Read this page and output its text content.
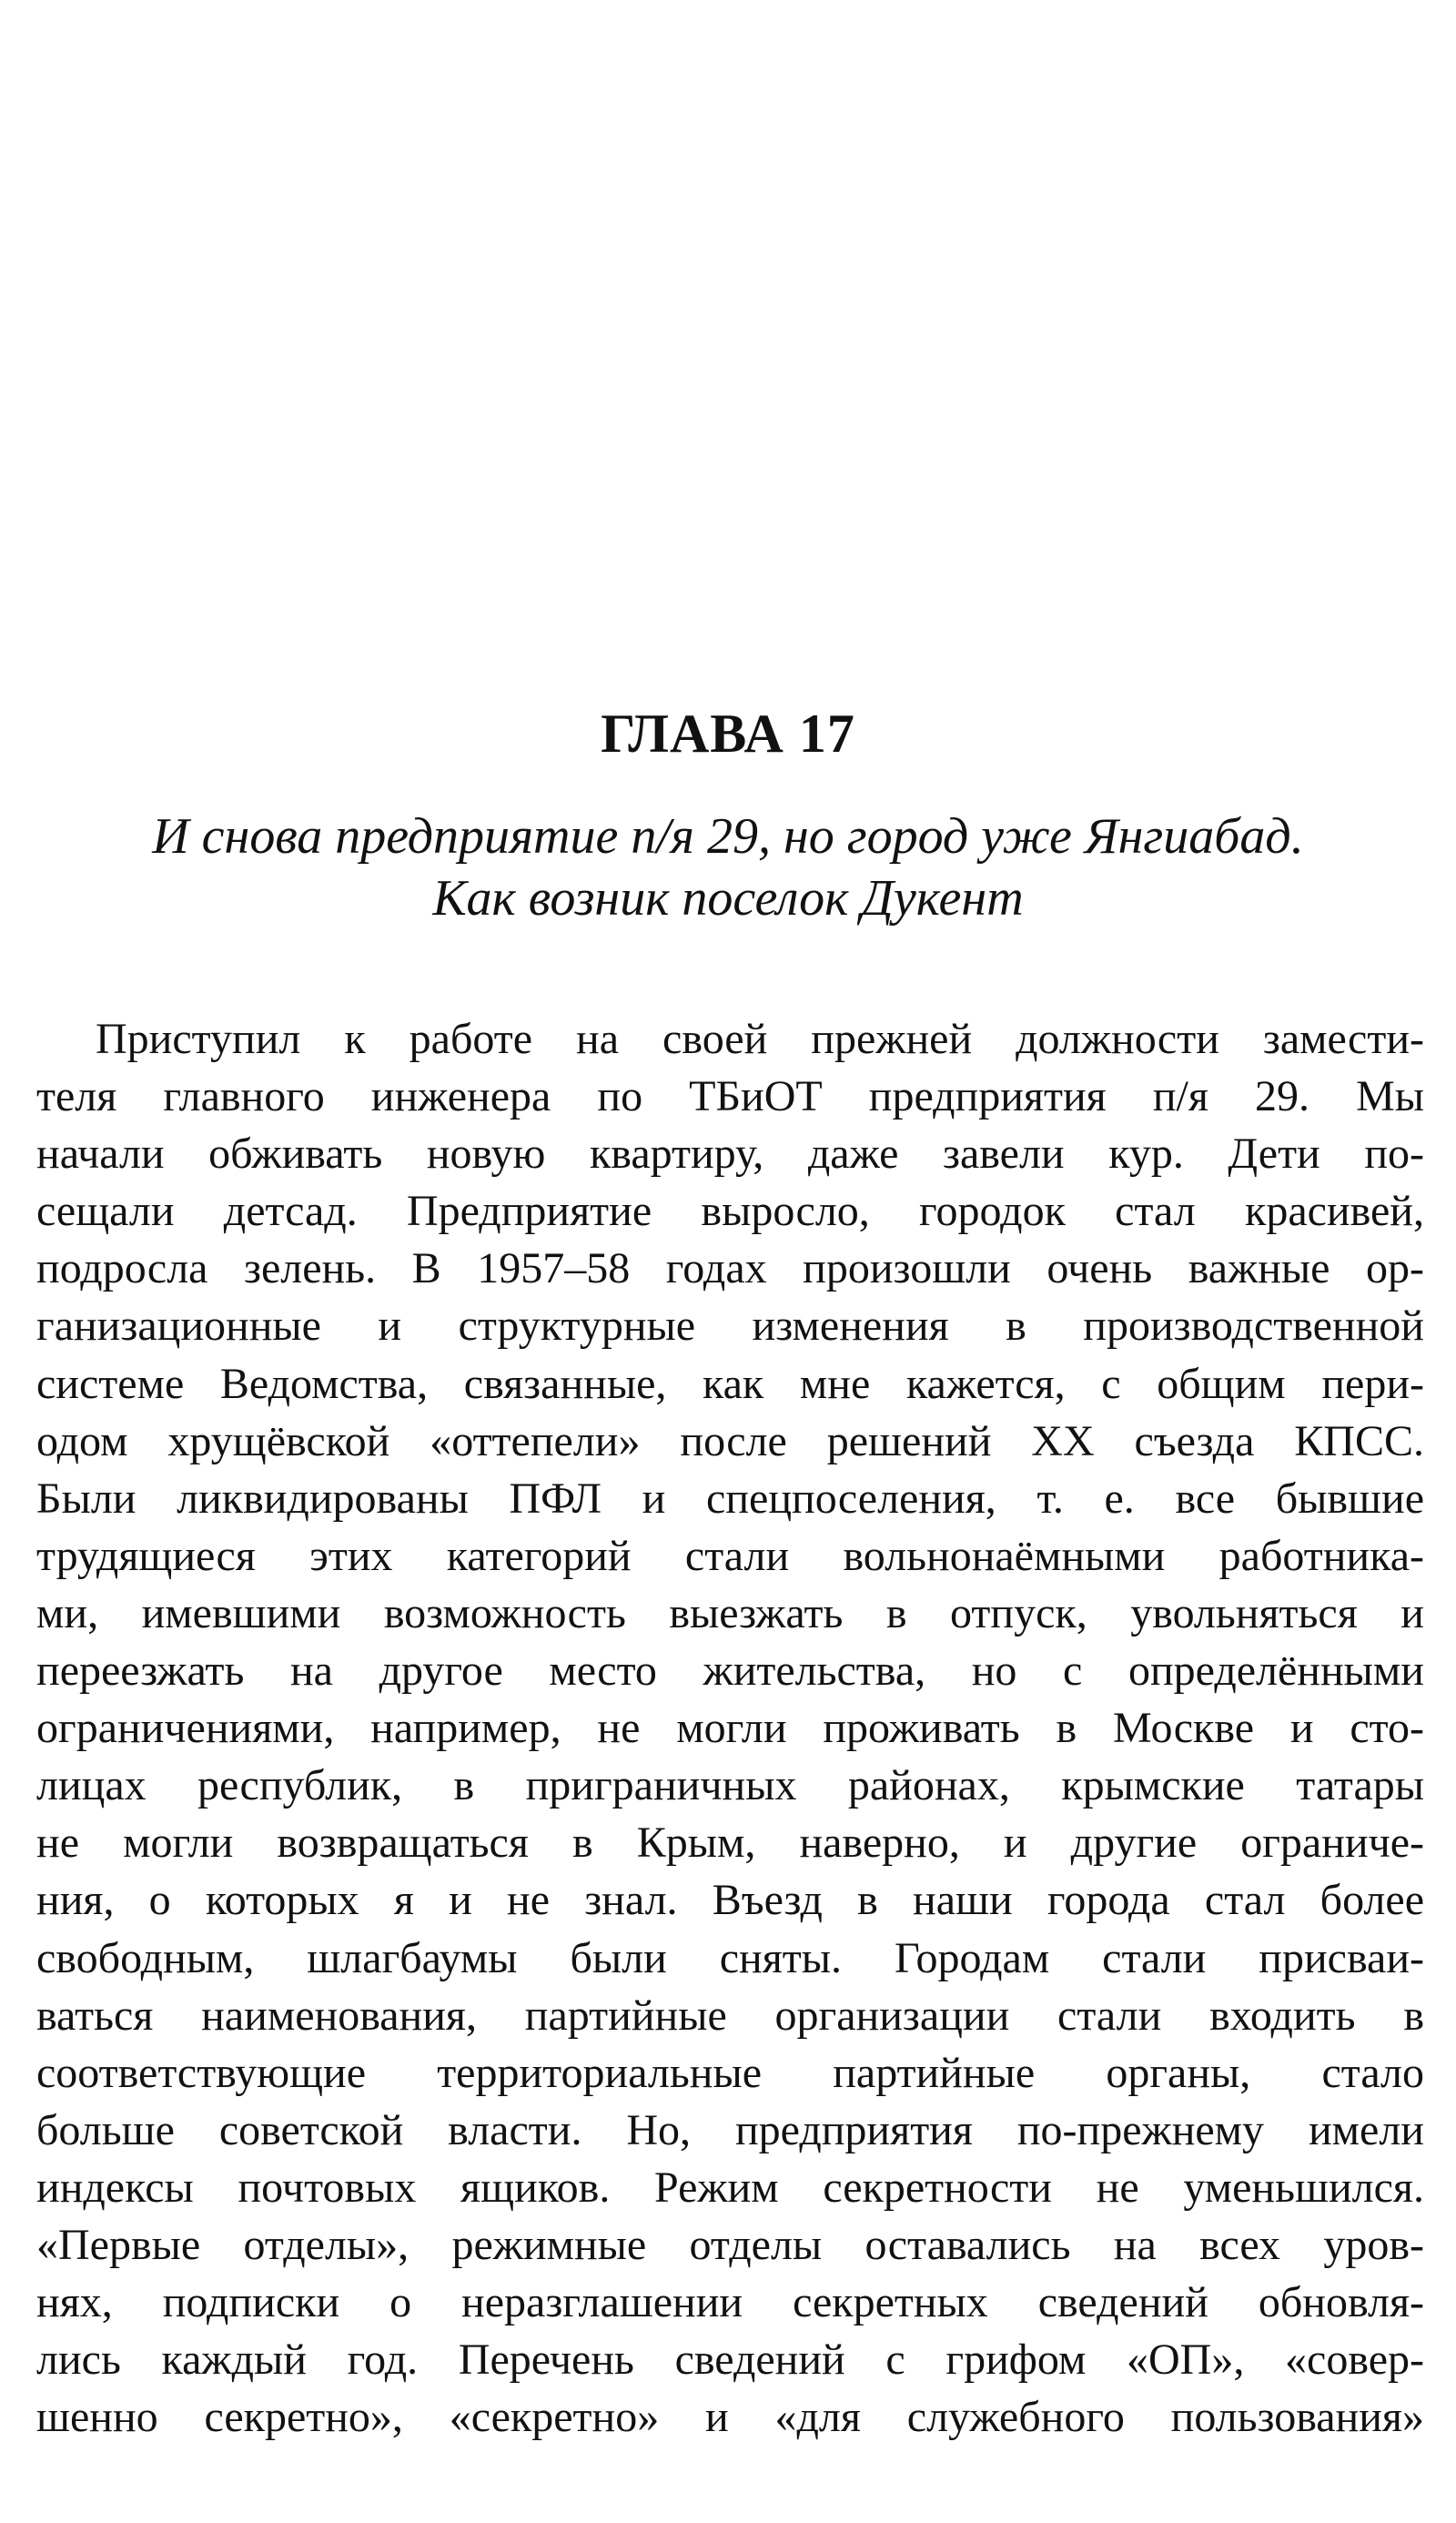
ГЛАВА 17
И снова предприятие п/я 29, но город уже Янгиабад.
Как возник поселок Дукент
Приступил к работе на своей прежней должности замести-
теля главного инженера по ТБиОТ предприятия п/я 29. Мы
начали обживать новую квартиру, даже завели кур. Дети по-
сещали детсад. Предприятие выросло, городок стал красивей,
подросла зелень. В 1957–58 годах произошли очень важные ор-
ганизационные и структурные изменения в производственной
системе Ведомства, связанные, как мне кажется, с общим пери-
одом хрущёвской «оттепели» после решений XX съезда КПСС.
Были ликвидированы ПФЛ и спецпоселения, т. е. все бывшие
трудящиеся этих категорий стали вольнонаёмными работника-
ми, имевшими возможность выезжать в отпуск, увольняться и
переезжать на другое место жительства, но с определёнными
ограничениями, например, не могли проживать в Москве и сто-
лицах республик, в приграничных районах, крымские татары
не могли возвращаться в Крым, наверно, и другие ограниче-
ния, о которых я и не знал. Въезд в наши города стал более
свободным, шлагбаумы были сняты. Городам стали присваи-
ваться наименования, партийные организации стали входить в
соответствующие территориальные партийные органы, стало
больше советской власти. Но, предприятия по-прежнему имели
индексы почтовых ящиков. Режим секретности не уменьшился.
«Первые отделы», режимные отделы оставались на всех уров-
нях, подписки о неразглашении секретных сведений обновля-
лись каждый год. Перечень сведений с грифом «ОП», «совер-
шенно секретно», «секретно» и «для служебного пользования»
